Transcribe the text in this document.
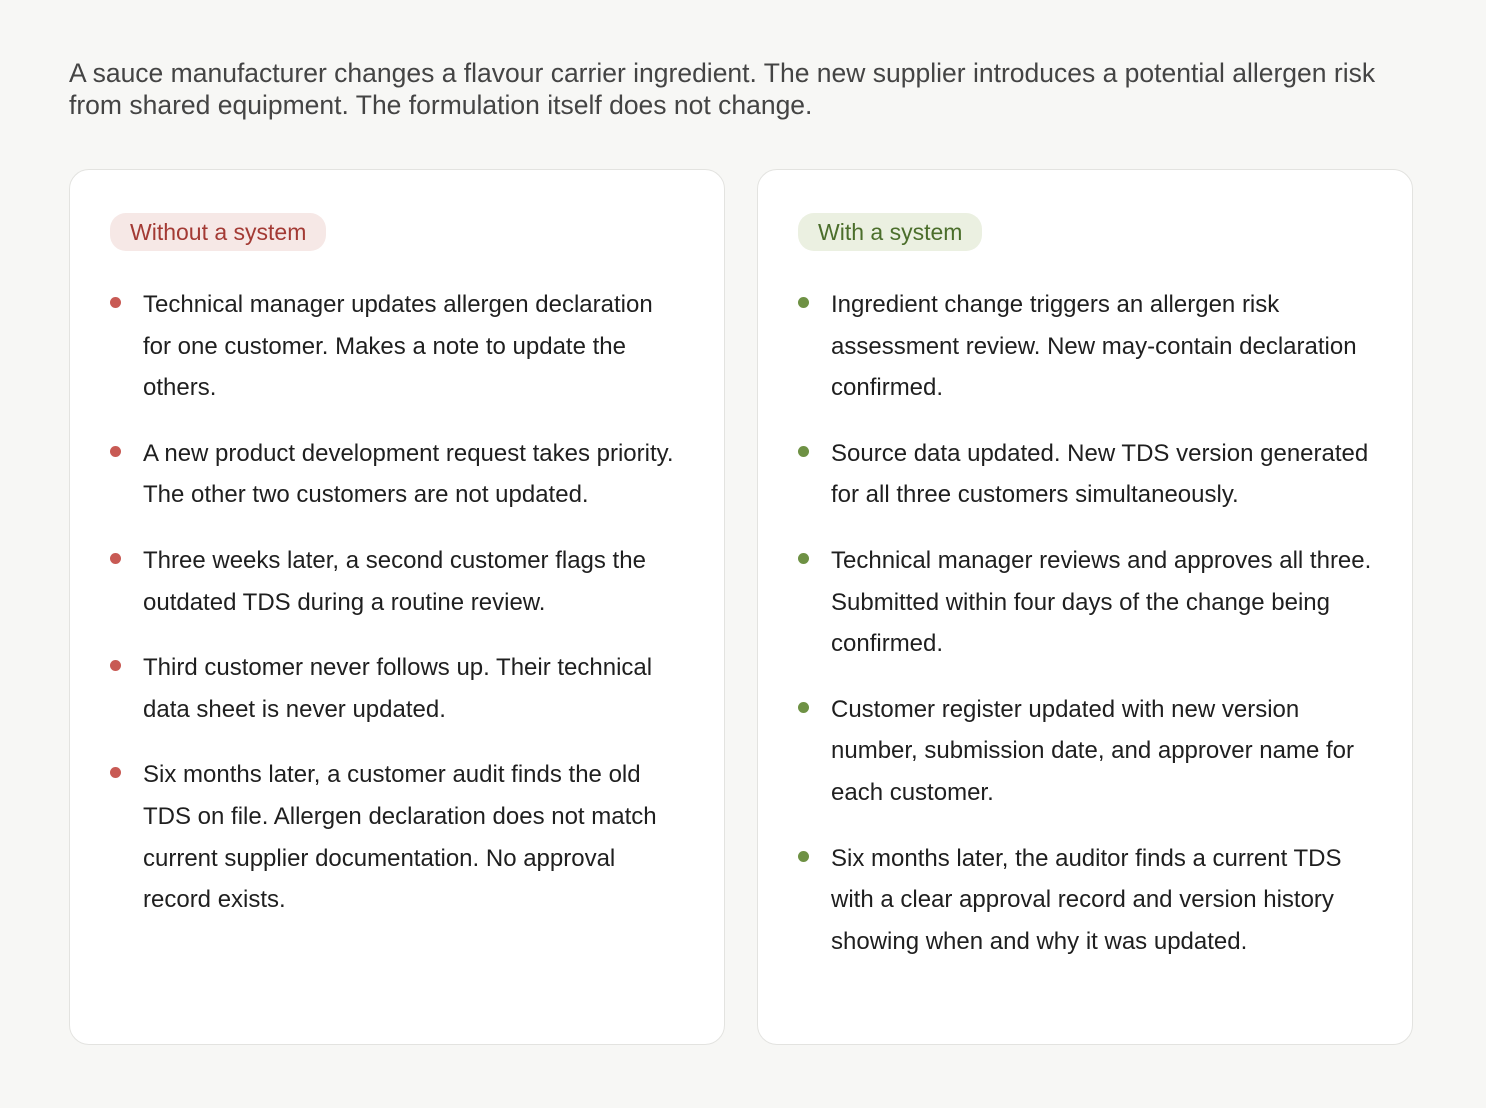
A sauce manufacturer changes a flavour carrier ingredient. The new supplier introduces a potential allergen risk from shared equipment. The formulation itself does not change.

Without a system
Technical manager updates allergen declaration for one customer. Makes a note to update the others.
A new product development request takes priority. The other two customers are not updated.
Three weeks later, a second customer flags the outdated TDS during a routine review.
Third customer never follows up. Their technical data sheet is never updated.
Six months later, a customer audit finds the old TDS on file. Allergen declaration does not match current supplier documentation. No approval record exists.
With a system
Ingredient change triggers an allergen risk assessment review. New may-contain declaration confirmed.
Source data updated. New TDS version generated for all three customers simultaneously.
Technical manager reviews and approves all three. Submitted within four days of the change being confirmed.
Customer register updated with new version number, submission date, and approver name for each customer.
Six months later, the auditor finds a current TDS with a clear approval record and version history showing when and why it was updated.
